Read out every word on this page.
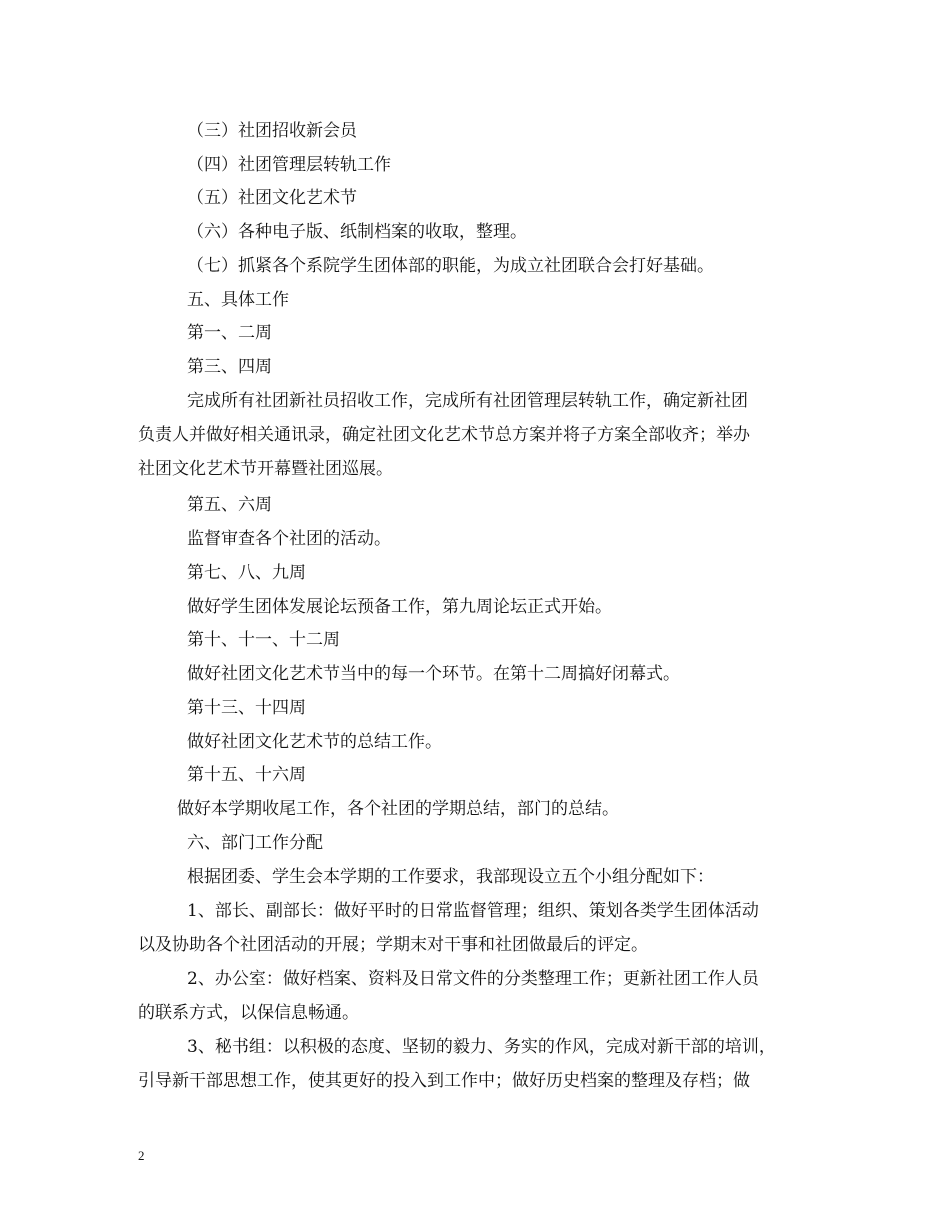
（三）社团招收新会员
（四）社团管理层转轨工作
（五）社团文化艺术节
（六）各种电子版、纸制档案的收取，整理。
（七）抓紧各个系院学生团体部的职能，为成立社团联合会打好基础。
五、具体工作
第一、二周
第三、四周
完成所有社团新社员招收工作，完成所有社团管理层转轨工作，确定新社团
负责人并做好相关通讯录，确定社团文化艺术节总方案并将子方案全部收齐；举办
社团文化艺术节开幕暨社团巡展。
第五、六周
监督审查各个社团的活动。
第七、八、九周
做好学生团体发展论坛预备工作，第九周论坛正式开始。
第十、十一、十二周
做好社团文化艺术节当中的每一个环节。在第十二周搞好闭幕式。
第十三、十四周
做好社团文化艺术节的总结工作。
第十五、十六周
做好本学期收尾工作，各个社团的学期总结，部门的总结。
六、部门工作分配
根据团委、学生会本学期的工作要求，我部现设立五个小组分配如下：
1、部长、副部长：做好平时的日常监督管理；组织、策划各类学生团体活动
以及协助各个社团活动的开展；学期末对干事和社团做最后的评定。
2、办公室：做好档案、资料及日常文件的分类整理工作；更新社团工作人员
的联系方式，以保信息畅通。
3、秘书组：以积极的态度、坚韧的毅力、务实的作风，完成对新干部的培训，
引导新干部思想工作，使其更好的投入到工作中；做好历史档案的整理及存档；做
2
